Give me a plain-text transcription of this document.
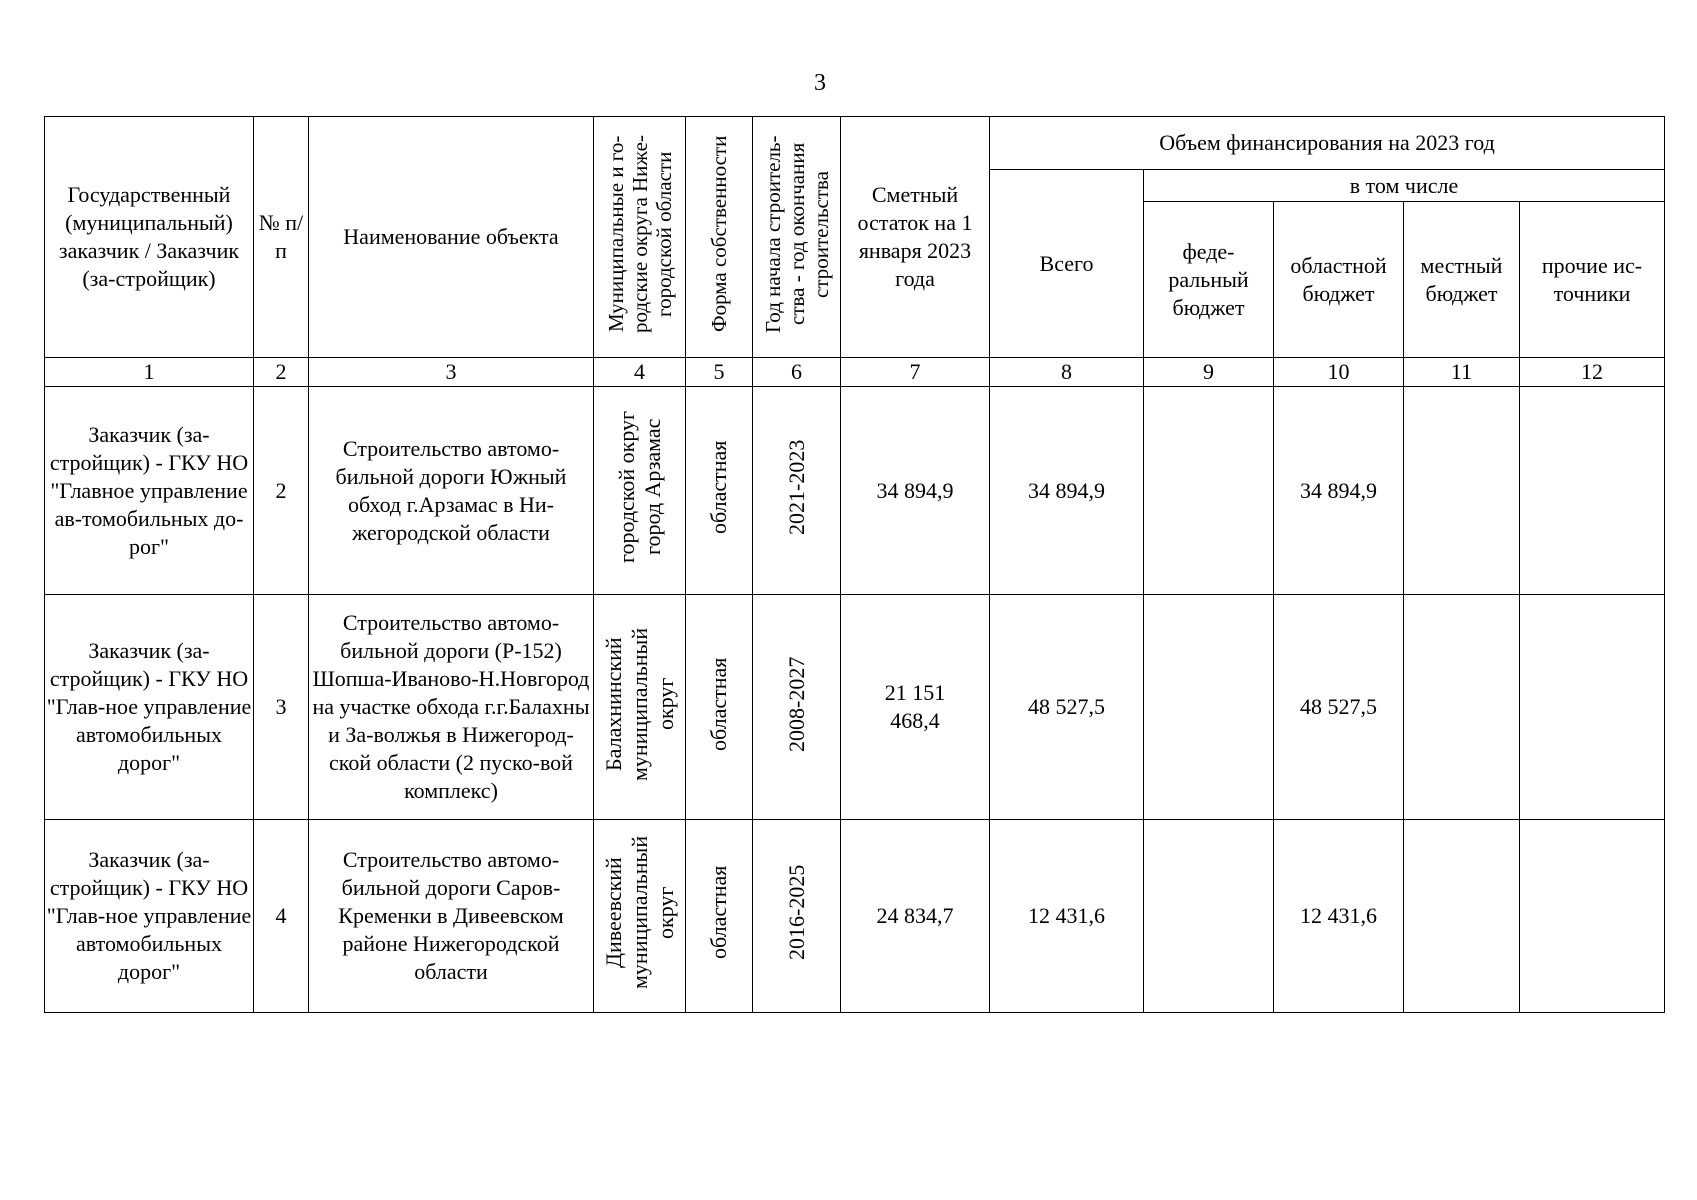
3
Государственный (муниципальный) заказчик / Заказчик (за-стройщик)	№ п/п	Наименование объекта	Муниципальные и го-родские округа Ниже-городской области	Форма собственности	Год начала строитель-ства - год окончания строительства	Сметный остаток на 1 января 2023 года	Объем финансирования на 2023 год				
							Всего	в том числе			
								феде-ральный бюджет	областной бюджет	местный бюджет	прочие ис-точники
1	2	3	4	5	6	7	8	9	10	11	12
Заказчик (за-стройщик) - ГКУ НО "Главное управление ав-томобильных до-рог"	2	Строительство автомо-бильной дороги Южный обход г.Арзамас в Ни-жегородской области	городской округ город Арзамас	областная	2021-2023	34 894,9	34 894,9		34 894,9		
Заказчик (за-стройщик) - ГКУ НО "Глав-ное управление автомобильных дорог"	3	Строительство автомо-бильной дороги (Р-152) Шопша-Иваново-Н.Новгород на участке обхода г.г.Балахны и За-волжья в Нижегород-ской области (2 пуско-вой комплекс)	Балахнинский муниципальный округ	областная	2008-2027	21 151 468,4	48 527,5		48 527,5		
Заказчик (за-стройщик) - ГКУ НО "Глав-ное управление автомобильных дорог"	4	Строительство автомо-бильной дороги Саров-Кременки в Дивеевском районе Нижегородской области	Дивеевский муниципальный округ	областная	2016-2025	24 834,7	12 431,6		12 431,6		
